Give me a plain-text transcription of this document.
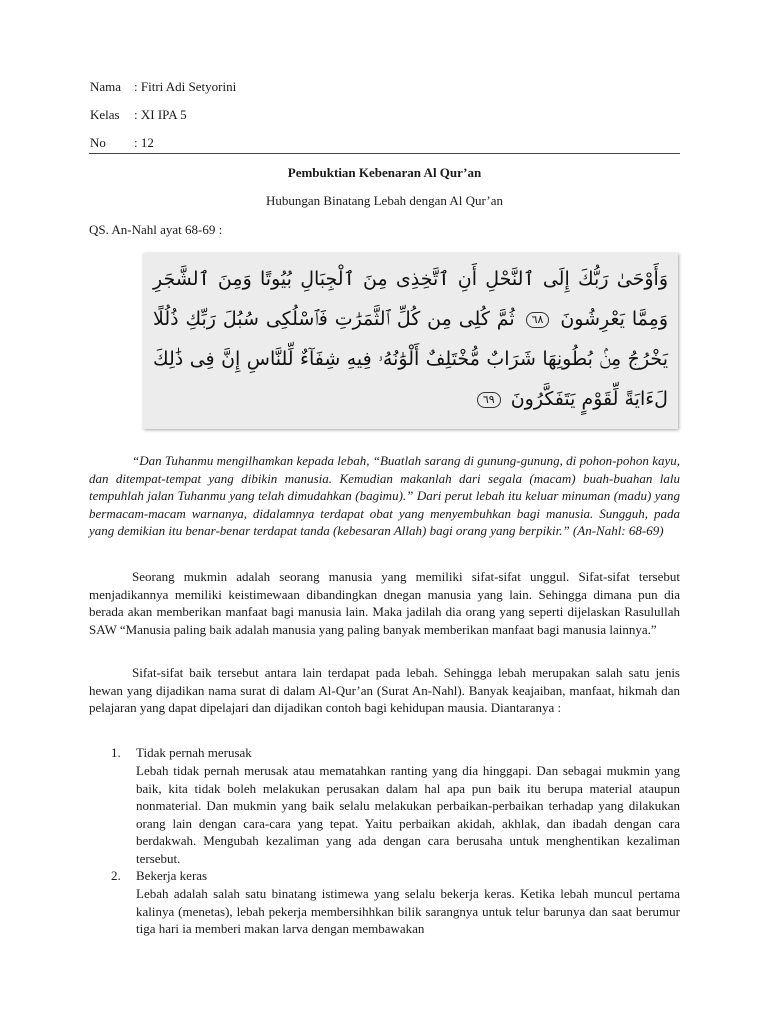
Nama : Fitri Adi Setyorini
Kelas : XI IPA 5
No : 12
Pembuktian Kebenaran Al Qur’an
Hubungan Binatang Lebah dengan Al Qur’an
QS. An-Nahl ayat 68-69 :
وَأَوْحَىٰ رَبُّكَ إِلَى ٱلنَّحْلِ أَنِ ٱتَّخِذِى مِنَ ٱلْجِبَالِ بُيُوتًا وَمِنَ ٱلشَّجَرِ وَمِمَّا يَعْرِشُونَ ٦٨ ثُمَّ كُلِى مِن كُلِّ ٱلثَّمَرَٰتِ فَٱسْلُكِى سُبُلَ رَبِّكِ ذُلُلًا يَخْرُجُ مِنۢ بُطُونِهَا شَرَابٌ مُّخْتَلِفٌ أَلْوَٰنُهُۥ فِيهِ شِفَآءٌ لِّلنَّاسِ إِنَّ فِى ذَٰلِكَ لَءَايَةً لِّقَوْمٍ يَتَفَكَّرُونَ ٦٩
“Dan Tuhanmu mengilhamkan kepada lebah, “Buatlah sarang di gunung-gunung, di pohon-pohon kayu, dan ditempat-tempat yang dibikin manusia. Kemudian makanlah dari segala (macam) buah-buahan lalu tempuhlah jalan Tuhanmu yang telah dimudahkan (bagimu).” Dari perut lebah itu keluar minuman (madu) yang bermacam-macam warnanya, didalamnya terdapat obat yang menyembuhkan bagi manusia. Sungguh, pada yang demikian itu benar-benar terdapat tanda (kebesaran Allah) bagi orang yang berpikir.” (An-Nahl: 68-69)
Seorang mukmin adalah seorang manusia yang memiliki sifat-sifat unggul. Sifat-sifat tersebut menjadikannya memiliki keistimewaan dibandingkan dnegan manusia yang lain. Sehingga dimana pun dia berada akan memberikan manfaat bagi manusia lain. Maka jadilah dia orang yang seperti dijelaskan Rasulullah SAW “Manusia paling baik adalah manusia yang paling banyak memberikan manfaat bagi manusia lainnya.”
Sifat-sifat baik tersebut antara lain terdapat pada lebah. Sehingga lebah merupakan salah satu jenis hewan yang dijadikan nama surat di dalam Al-Qur’an (Surat An-Nahl). Banyak keajaiban, manfaat, hikmah dan pelajaran yang dapat dipelajari dan dijadikan contoh bagi kehidupan mausia. Diantaranya :
1. Tidak pernah merusak
Lebah tidak pernah merusak atau mematahkan ranting yang dia hinggapi. Dan sebagai mukmin yang baik, kita tidak boleh melakukan perusakan dalam hal apa pun baik itu berupa material ataupun nonmaterial. Dan mukmin yang baik selalu melakukan perbaikan-perbaikan terhadap yang dilakukan orang lain dengan cara-cara yang tepat. Yaitu perbaikan akidah, akhlak, dan ibadah dengan cara berdakwah. Mengubah kezaliman yang ada dengan cara berusaha untuk menghentikan kezaliman tersebut.
2. Bekerja keras
Lebah adalah salah satu binatang istimewa yang selalu bekerja keras. Ketika lebah muncul pertama kalinya (menetas), lebah pekerja membersihhkan bilik sarangnya untuk telur barunya dan saat berumur tiga hari ia memberi makan larva dengan membawakan
